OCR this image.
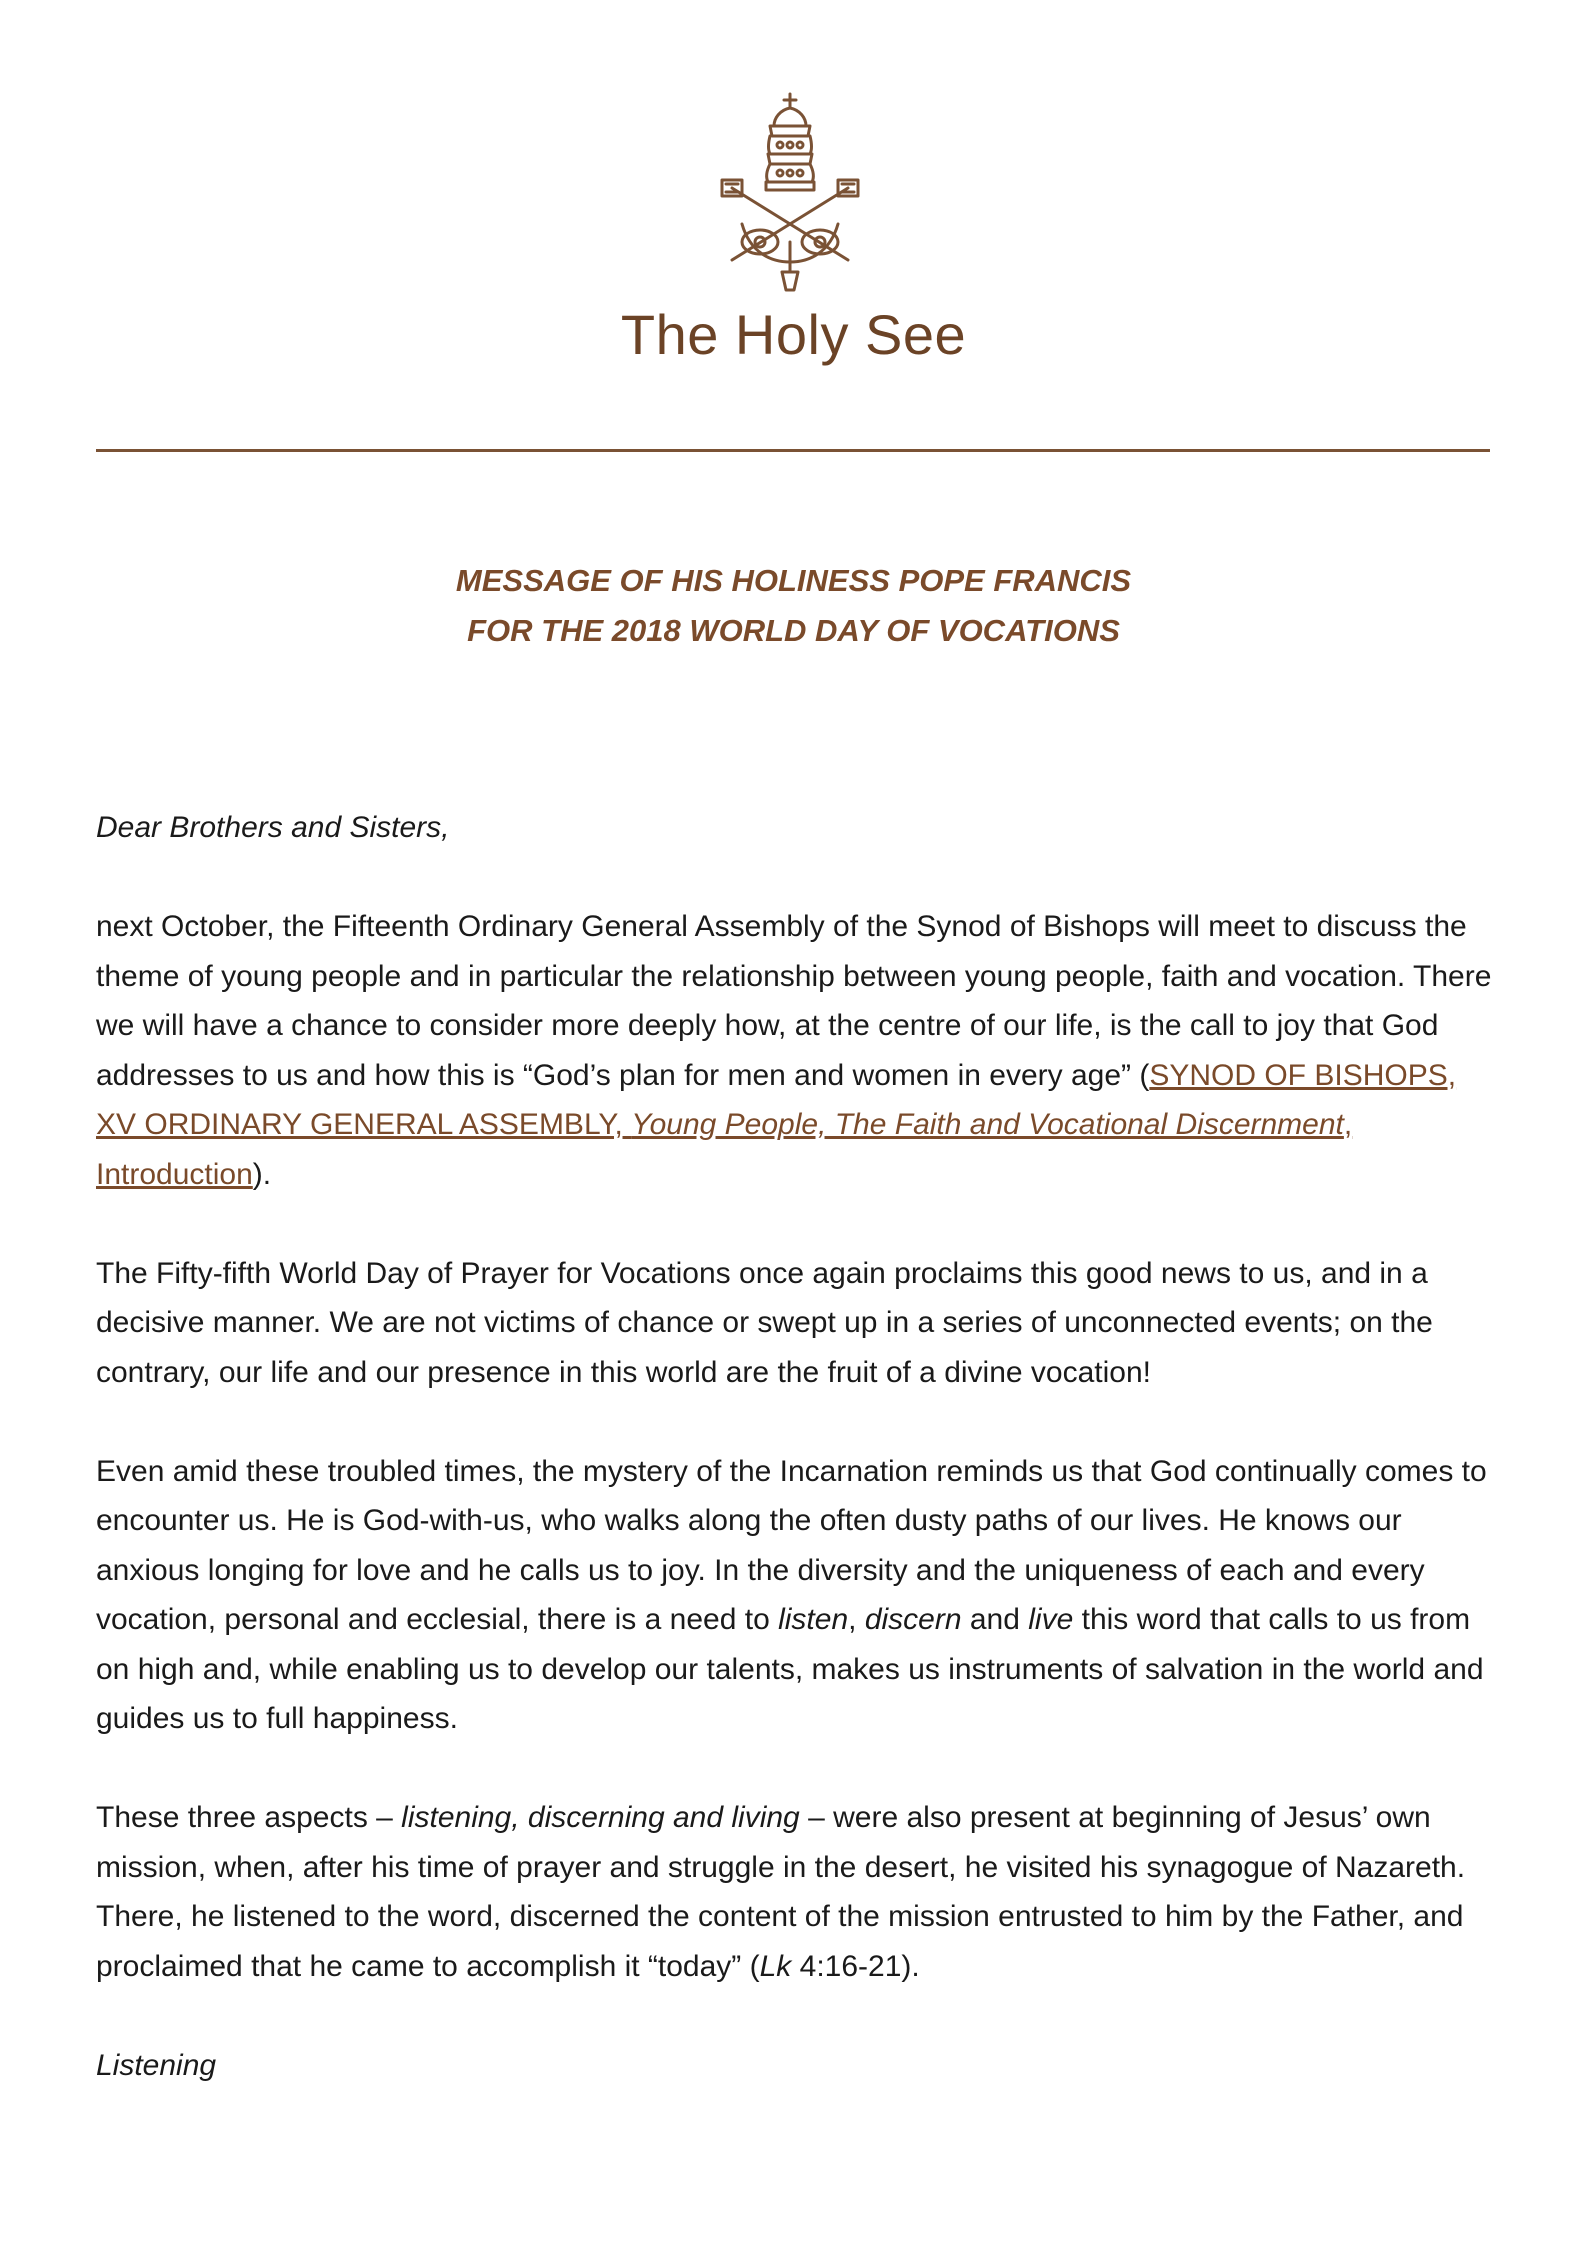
The Holy See
MESSAGE OF HIS HOLINESS POPE FRANCIS
FOR THE 2018 WORLD DAY OF VOCATIONS

Dear Brothers and Sisters,

next October, the Fifteenth Ordinary General Assembly of the Synod of Bishops will meet to discuss the theme of young people and in particular the relationship between young people, faith and vocation. There we will have a chance to consider more deeply how, at the centre of our life, is the call to joy that God addresses to us and how this is “God’s plan for men and women in every age” (SYNOD OF BISHOPS, XV ORDINARY GENERAL ASSEMBLY, Young People, The Faith and Vocational Discernment, Introduction).

The Fifty-fifth World Day of Prayer for Vocations once again proclaims this good news to us, and in a decisive manner. We are not victims of chance or swept up in a series of unconnected events; on the contrary, our life and our presence in this world are the fruit of a divine vocation!

Even amid these troubled times, the mystery of the Incarnation reminds us that God continually comes to encounter us. He is God-with-us, who walks along the often dusty paths of our lives. He knows our anxious longing for love and he calls us to joy. In the diversity and the uniqueness of each and every vocation, personal and ecclesial, there is a need to listen, discern and live this word that calls to us from on high and, while enabling us to develop our talents, makes us instruments of salvation in the world and guides us to full happiness.

These three aspects – listening, discerning and living – were also present at beginning of Jesus’ own mission, when, after his time of prayer and struggle in the desert, he visited his synagogue of Nazareth. There, he listened to the word, discerned the content of the mission entrusted to him by the Father, and proclaimed that he came to accomplish it “today” (Lk 4:16-21).

Listening
